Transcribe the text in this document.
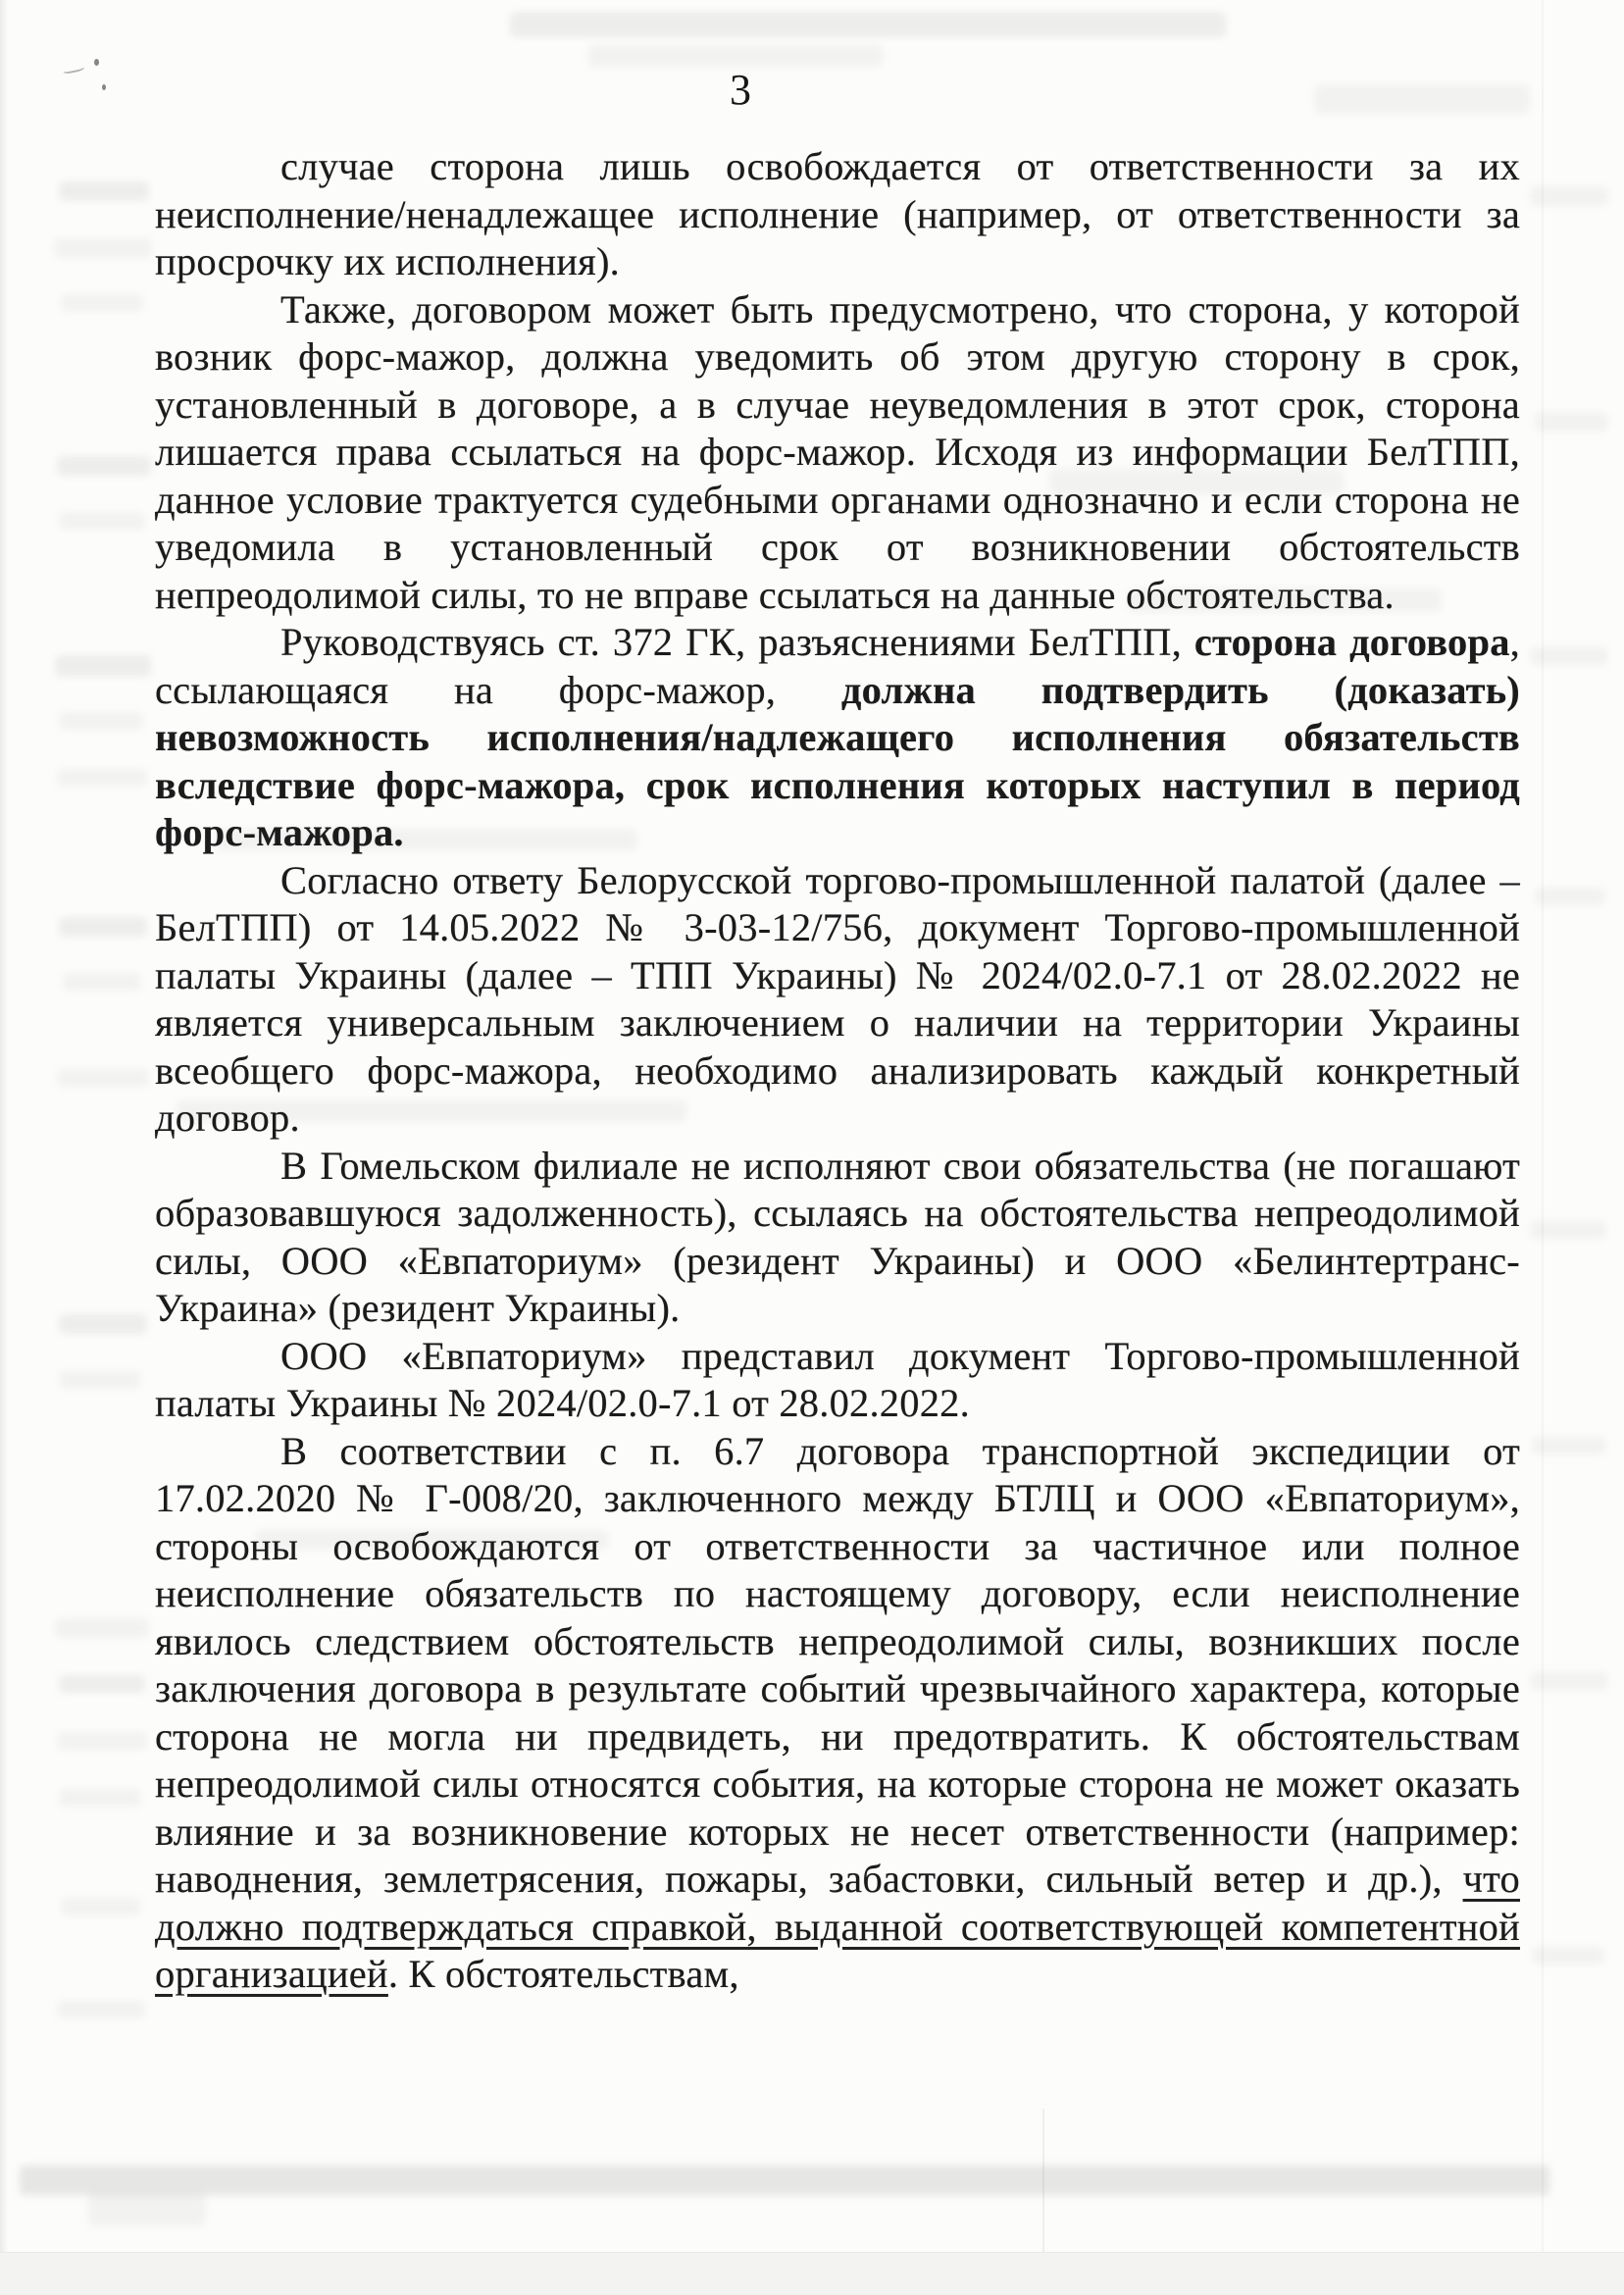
3

случае сторона лишь освобождается от ответственности за их неисполнение/ненадлежащее исполнение (например, от ответственности за просрочку их исполнения).

Также, договором может быть предусмотрено, что сторона, у которой возник форс-мажор, должна уведомить об этом другую сторону в срок, установленный в договоре, а в случае неуведомления в этот срок, сторона лишается права ссылаться на форс-мажор. Исходя из информации БелТПП, данное условие трактуется судебными органами однозначно и если сторона не уведомила в установленный срок от возникновении обстоятельств непреодолимой силы, то не вправе ссылаться на данные обстоятельства.

Руководствуясь ст. 372 ГК, разъяснениями БелТПП, сторона договора, ссылающаяся на форс-мажор, должна подтвердить (доказать) невозможность исполнения/надлежащего исполнения обязательств вследствие форс-мажора, срок исполнения которых наступил в период форс-мажора.

Согласно ответу Белорусской торгово-промышленной палатой (далее – БелТПП) от 14.05.2022 № 3-03-12/756, документ Торгово-промышленной палаты Украины (далее – ТПП Украины) № 2024/02.0-7.1 от 28.02.2022 не является универсальным заключением о наличии на территории Украины всеобщего форс-мажора, необходимо анализировать каждый конкретный договор.

В Гомельском филиале не исполняют свои обязательства (не погашают образовавшуюся задолженность), ссылаясь на обстоятельства непреодолимой силы, ООО «Евпаториум» (резидент Украины) и ООО «Белинтертранс-Украина» (резидент Украины).

ООО «Евпаториум» представил документ Торгово-промышленной палаты Украины № 2024/02.0-7.1 от 28.02.2022.

В соответствии с п. 6.7 договора транспортной экспедиции от 17.02.2020 № Г-008/20, заключенного между БТЛЦ и ООО «Евпаториум», стороны освобождаются от ответственности за частичное или полное неисполнение обязательств по настоящему договору, если неисполнение явилось следствием обстоятельств непреодолимой силы, возникших после заключения договора в результате событий чрезвычайного характера, которые сторона не могла ни предвидеть, ни предотвратить. К обстоятельствам непреодолимой силы относятся события, на которые сторона не может оказать влияние и за возникновение которых не несет ответственности (например: наводнения, землетрясения, пожары, забастовки, сильный ветер и др.), что должно подтверждаться справкой, выданной соответствующей компетентной организацией. К обстоятельствам,
